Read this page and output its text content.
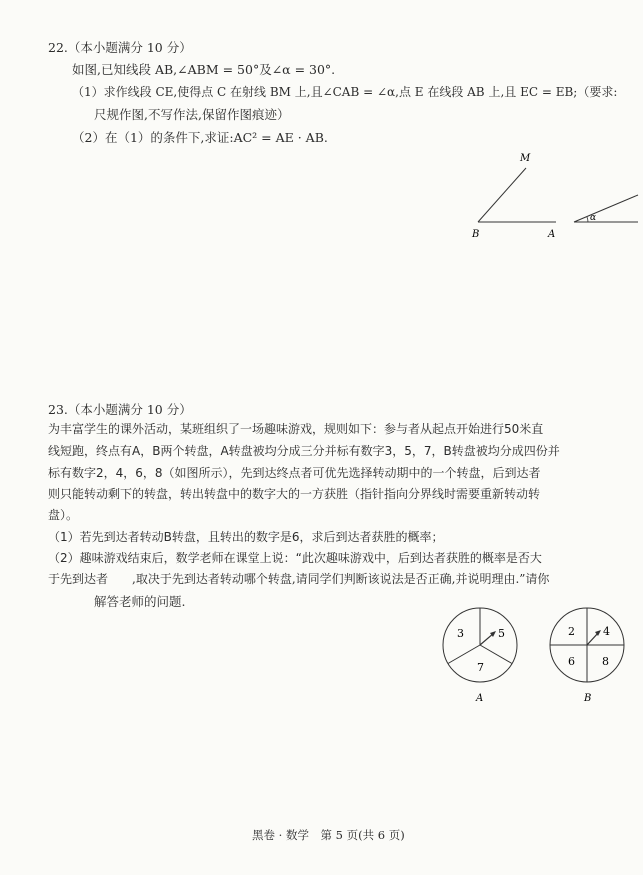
22.（本小题满分 10 分）
如图,已知线段 AB,∠ABM = 50°及∠α = 30°.
（1）求作线段 CE,使得点 C 在射线 BM 上,且∠CAB = ∠α,点 E 在线段 AB 上,且 EC = EB;（要求:
尺规作图,不写作法,保留作图痕迹）
（2）在（1）的条件下,求证:AC² = AE · AB.
M
B	A
α
23.（本小题满分 10 分）
为丰富学生的课外活动，某班组织了一场趣味游戏，规则如下：参与者从起点开始进行50米直
线短跑，终点有A，B两个转盘，A转盘被均分成三分并标有数字3，5，7，B转盘被均分成四份并
标有数字2，4，6，8（如图所示），先到达终点者可优先选择转动期中的一个转盘，后到达者
则只能转动剩下的转盘，转出转盘中的数字大的一方获胜（指针指向分界线时需要重新转动转
盘）。
（1）若先到达者转动B转盘，且转出的数字是6，求后到达者获胜的概率；
（2）趣味游戏结束后，数学老师在课堂上说：“此次趣味游戏中，后到达者获胜的概率是否大
于先到达者　　,取决于先到达者转动哪个转盘,请同学们判断该说法是否正确,并说明理由.”请你
解答老师的问题.
3	5
7
A
2	4
6 8
B
黑卷 · 数学　第 5 页(共 6 页)
